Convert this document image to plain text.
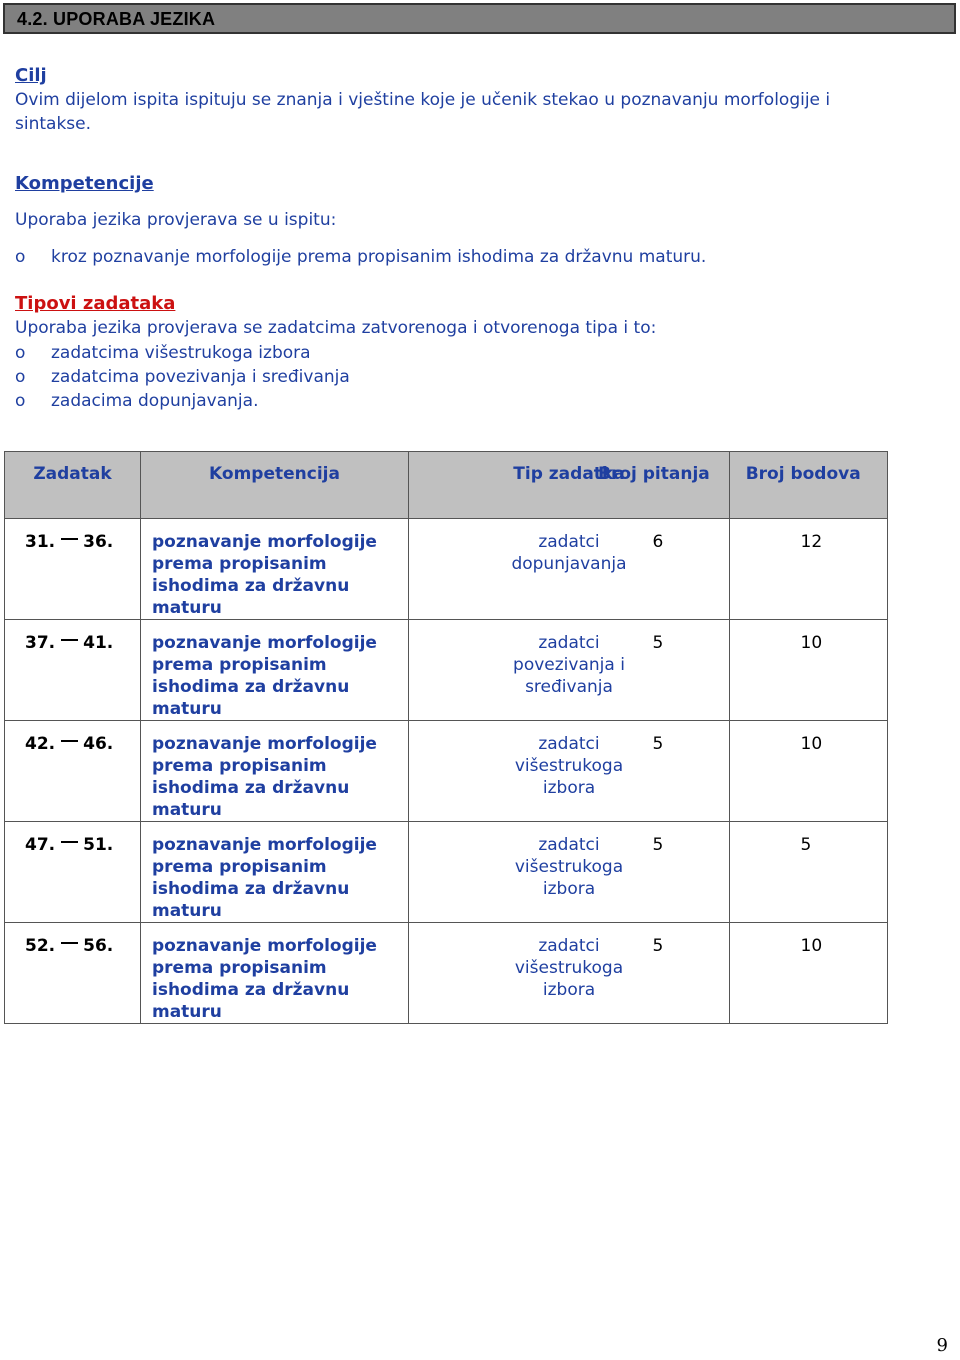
4.2. UPORABA JEZIKA
Cilj
Ovim dijelom ispita ispituju se znanja i vještine koje je učenik stekao u poznavanju morfologije i sintakse.
Kompetencije
Uporaba jezika provjerava se u ispitu:
o kroz poznavanje morfologije prema propisanim ishodima za državnu maturu.
Tipovi zadataka
Uporaba jezika provjerava se zadatcima zatvorenoga i otvorenoga tipa i to:
o zadatcima višestrukoga izbora
o zadatcima povezivanja i sređivanja
o zadacima dopunjavanja.
Zadatak	Kompetencija	Tip zadatka	Broj pitanja Broj bodova
31. 36.	poznavanje morfologije prema propisanim ishodima za državnu maturu	zadatci dopunjavanja	6 12

37. 41.	poznavanje morfologije prema propisanim ishodima za državnu maturu	zadatci povezivanja i sređivanja	5 10

42. 46.	poznavanje morfologije prema propisanim ishodima za državnu maturu	zadatci višestrukoga izbora	5 10

47. 51.	poznavanje morfologije prema propisanim ishodima za državnu maturu	zadatci višestrukoga izbora	5 5

52. 56.	poznavanje morfologije prema propisanim ishodima za državnu maturu	zadatci višestrukoga izbora	5 10
9
